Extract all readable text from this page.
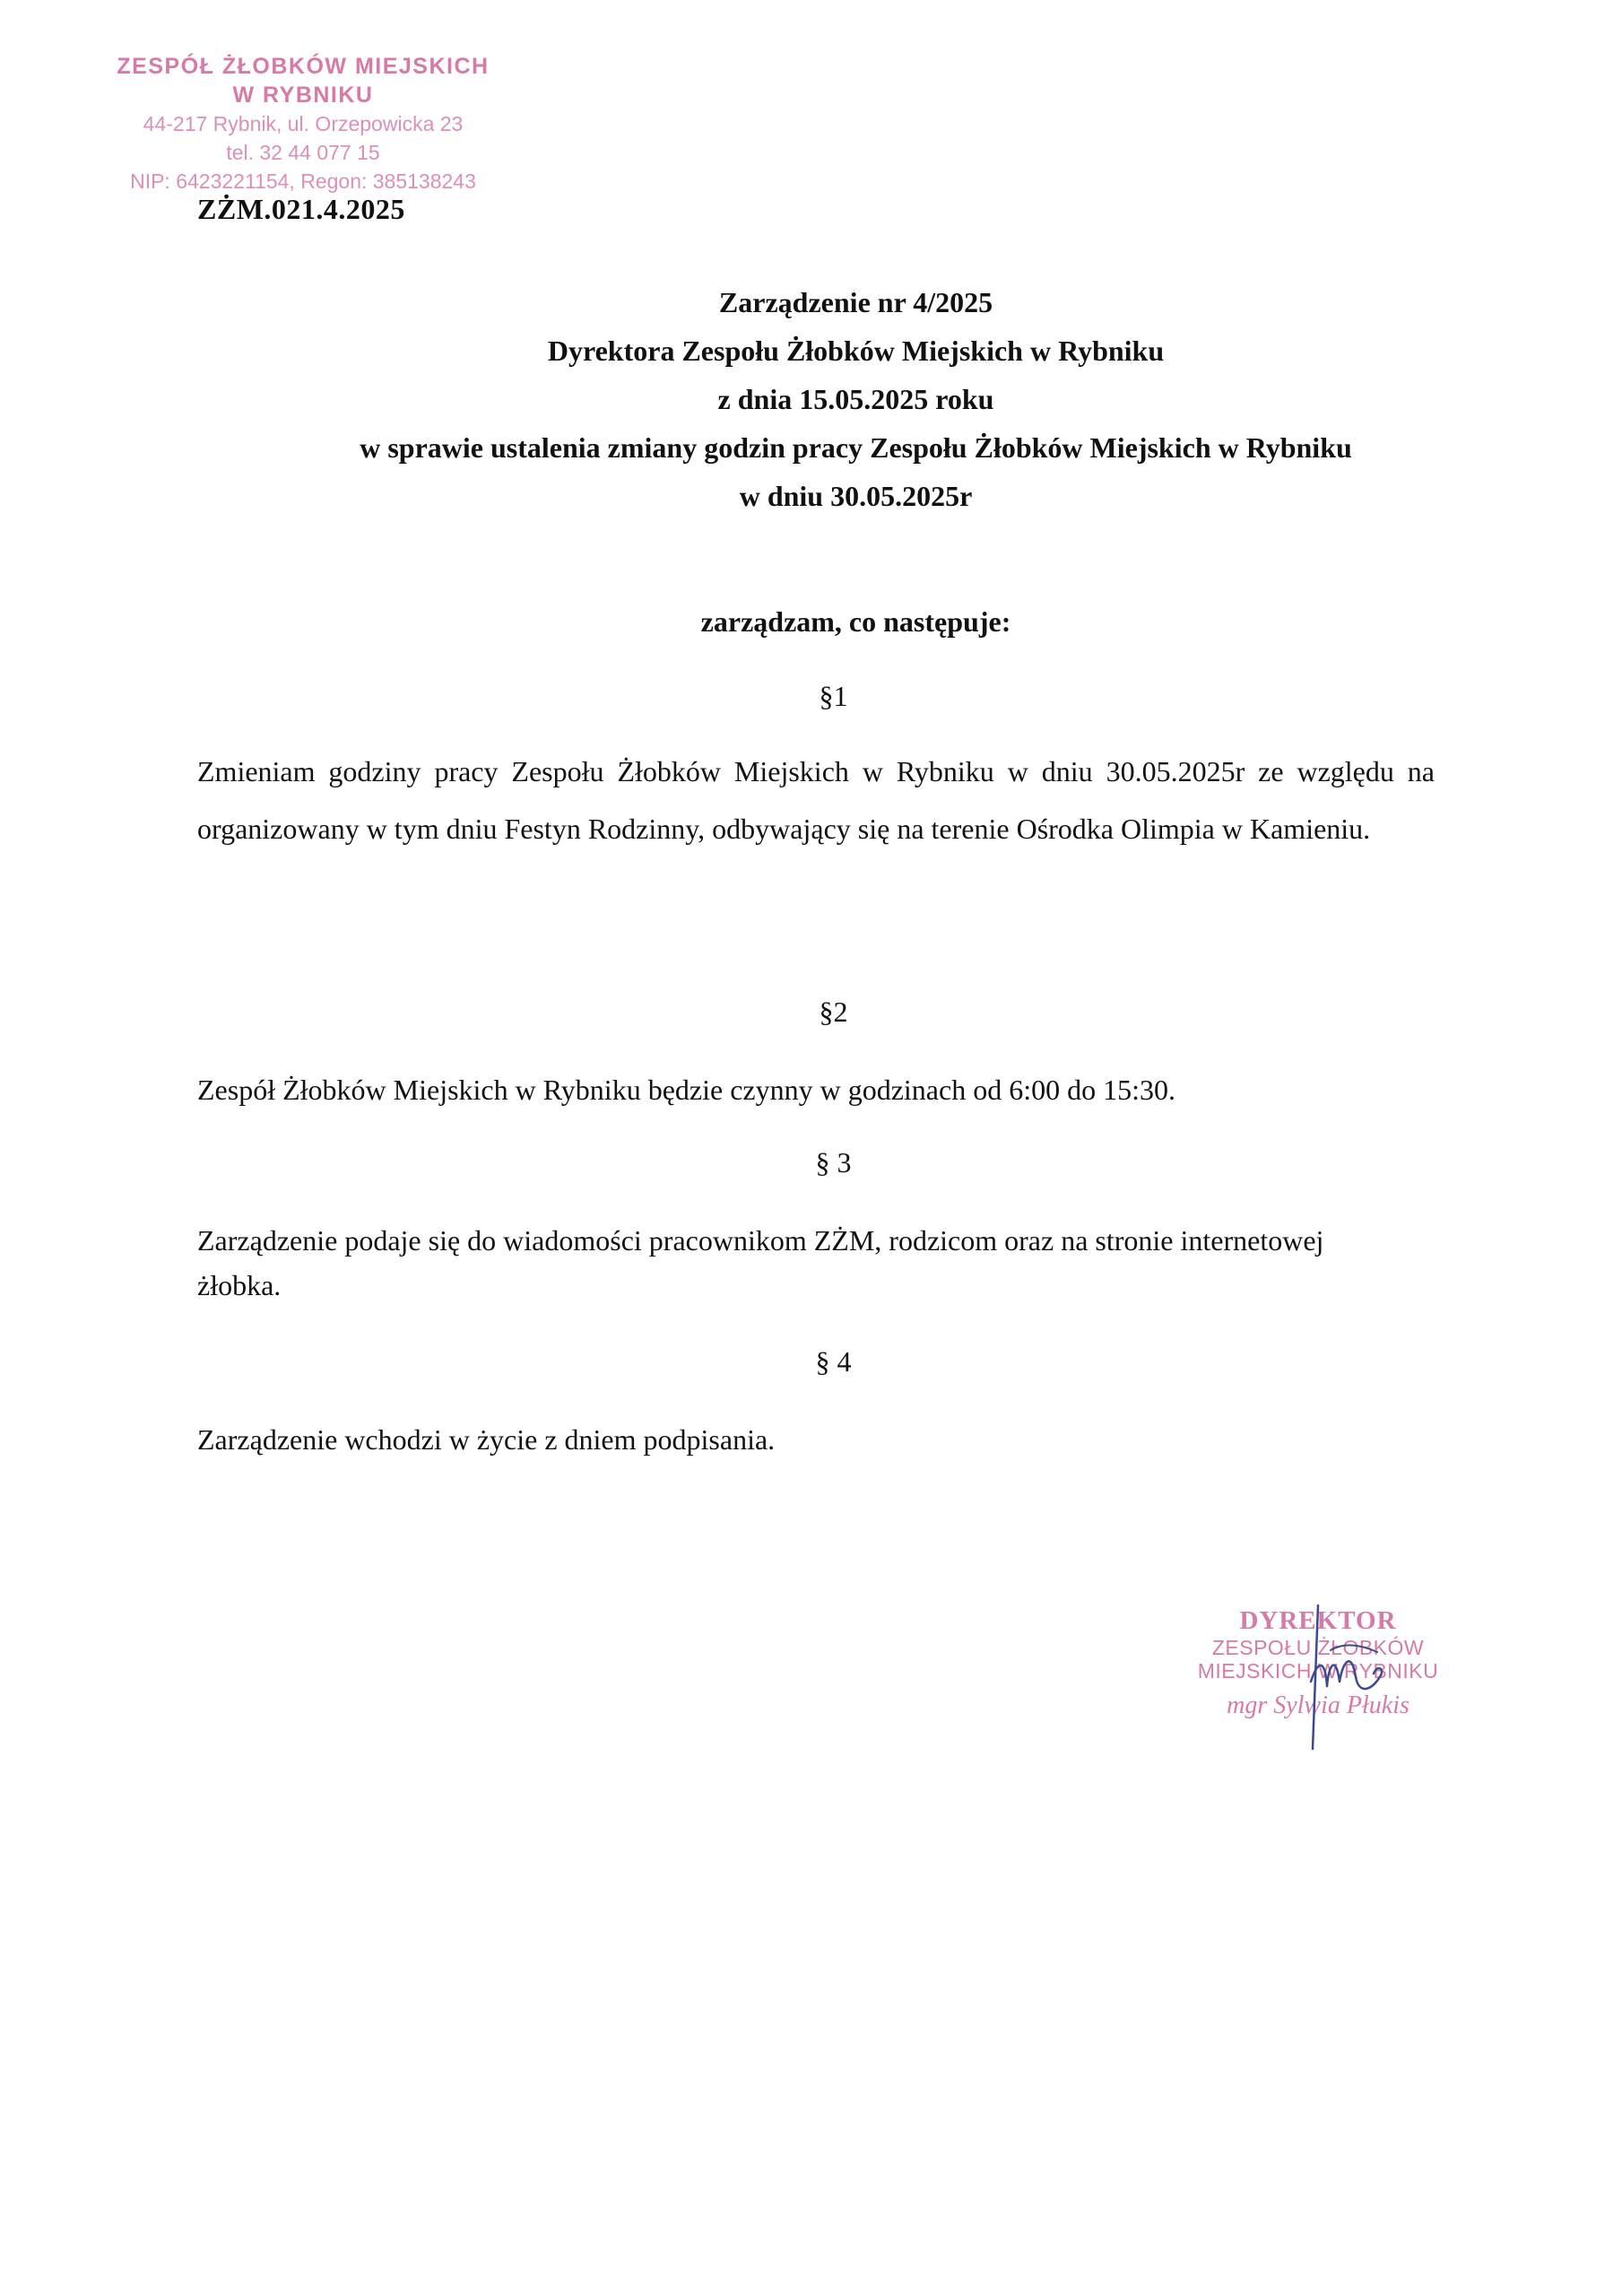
ZESPÓŁ ŻŁOBKÓW MIEJSKICH
W RYBNIKU
44-217 Rybnik, ul. Orzepowicka 23
tel. 32 44 077 15
NIP: 6423221154, Regon: 385138243
ZŻM.021.4.2025
Zarządzenie nr 4/2025
Dyrektora Zespołu Żłobków Miejskich w Rybniku
z dnia 15.05.2025 roku
w sprawie ustalenia zmiany godzin pracy Zespołu Żłobków Miejskich w Rybniku
w dniu 30.05.2025r
zarządzam, co następuje:
§1
Zmieniam godziny pracy Zespołu Żłobków Miejskich w Rybniku w dniu 30.05.2025r ze względu na organizowany w tym dniu Festyn Rodzinny, odbywający się na terenie Ośrodka Olimpia w Kamieniu.
§2
Zespół Żłobków Miejskich w Rybniku będzie czynny w godzinach od 6:00 do 15:30.
§ 3
Zarządzenie podaje się do wiadomości pracownikom ZŻM, rodzicom oraz na stronie internetowej żłobka.
§ 4
Zarządzenie wchodzi w życie z dniem podpisania.
DYREKTOR
ZESPOŁU ŻŁOBKÓW
MIEJSKICH W RYBNIKU
mgr Sylwia Płukis
